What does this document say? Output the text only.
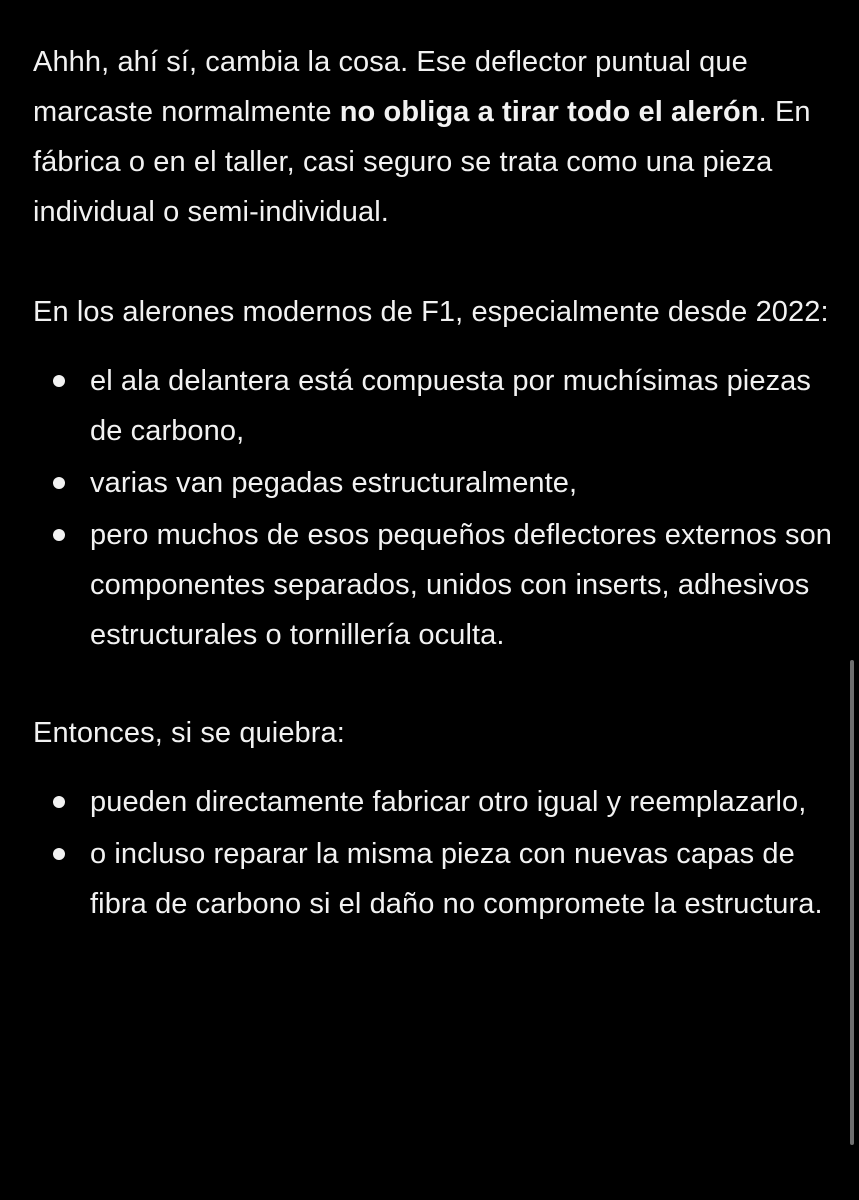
Ahhh, ahí sí, cambia la cosa. Ese deflector puntual que marcaste normalmente no obliga a tirar todo el alerón. En fábrica o en el taller, casi seguro se trata como una pieza individual o semi-individual.

En los alerones modernos de F1, especialmente desde 2022:

el ala delantera está compuesta por muchísimas piezas de carbono,
varias van pegadas estructuralmente,
pero muchos de esos pequeños deflectores externos son componentes separados, unidos con inserts, adhesivos estructurales o tornillería oculta.

Entonces, si se quiebra:

pueden directamente fabricar otro igual y reemplazarlo,
o incluso reparar la misma pieza con nuevas capas de fibra de carbono si el daño no compromete la estructura.
